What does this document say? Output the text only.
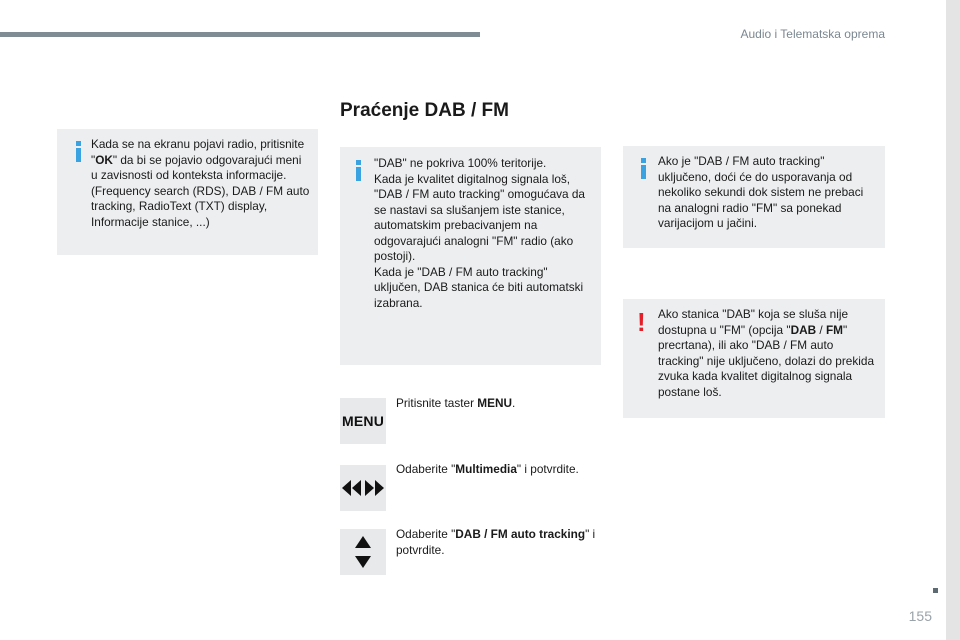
Audio i Telematska oprema
Praćenje DAB / FM
Kada se na ekranu pojavi radio, pritisnite "OK" da bi se pojavio odgovarajući meni u zavisnosti od konteksta informacije. (Frequency search (RDS), DAB / FM auto tracking, RadioText (TXT) display, Informacije stanice, ...)
"DAB" ne pokriva 100% teritorije.
Kada je kvalitet digitalnog signala loš, "DAB / FM auto tracking" omogućava da se nastavi sa slušanjem iste stanice, automatskim prebacivanjem na odgovarajući analogni "FM" radio (ako postoji).
Kada je "DAB / FM auto tracking" uključen, DAB stanica će biti automatski izabrana.
Ako je "DAB / FM auto tracking" uključeno, doći će do usporavanja od nekoliko sekundi dok sistem ne prebaci na analogni radio "FM" sa ponekad varijacijom u jačini.
! Ako stanica "DAB" koja se sluša nije dostupna u "FM" (opcija "DAB / FM" precrtana), ili ako "DAB / FM auto tracking" nije uključeno, dolazi do prekida zvuka kada kvalitet digitalnog signala postane loš.
MENU
Pritisnite taster MENU.
Odaberite "Multimedia" i potvrdite.
Odaberite "DAB / FM auto tracking" i potvrdite.
155
